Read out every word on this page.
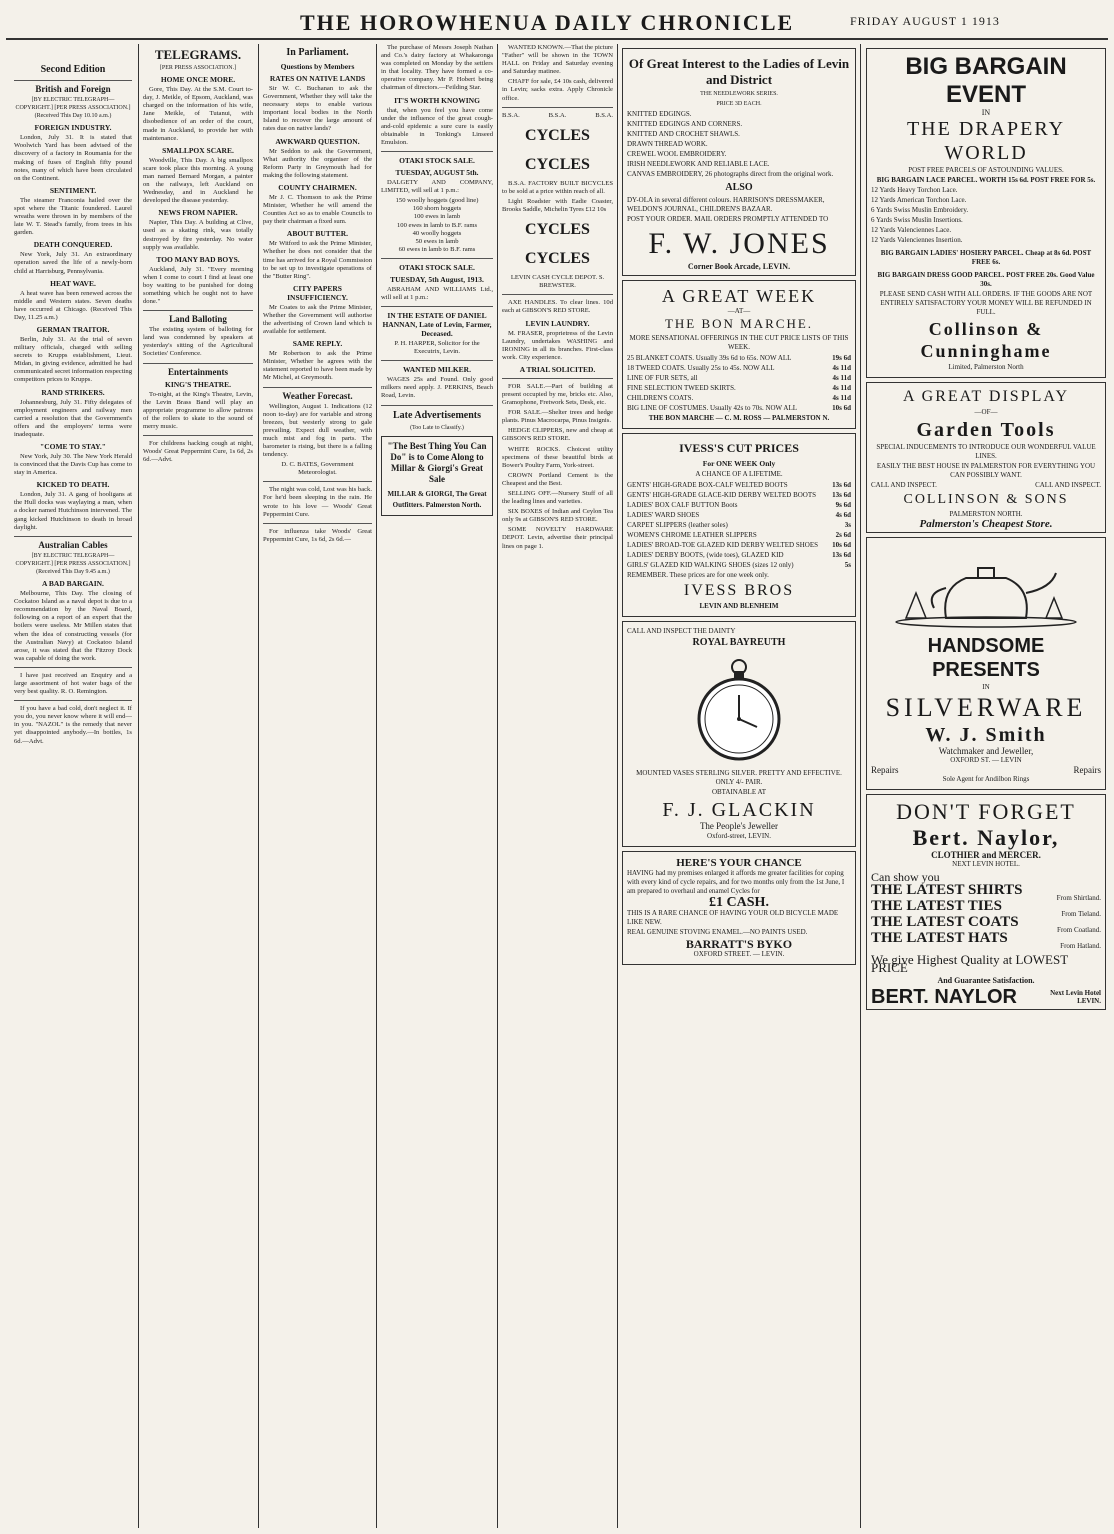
THE HOROWHENUA DAILY CHRONICLE	FRIDAY AUGUST 1 1913
Second Edition
British and Foreign
[BY ELECTRIC TELEGRAPH—COPYRIGHT.] [PER PRESS ASSOCIATION.] (Received This Day 10.10 a.m.)
FOREIGN INDUSTRY.

London, July 31. It is stated that Woolwich Yard has been advised of the discovery of a factory in Roumania for the making of fuses of English fifty pound notes, many of which have been circulated on the Continent.

SENTIMENT.

The steamer Franconia hailed over the spot where the Titanic foundered. Laurel wreaths were thrown in by members of the late W. T. Stead's family, from trees in his garden.

DEATH CONQUERED.

New York, July 31. An extraordinary operation saved the life of a newly-born child at Harrisburg, Pennsylvania.

HEAT WAVE.

A heat wave has been renewed across the middle and Western states. Seven deaths have occurred at Chicago. (Received This Day, 11.25 a.m.)

GERMAN TRAITOR.

Berlin, July 31. At the trial of seven military officials, charged with selling secrets to Krupps establishment, Lieut. Midan, in giving evidence, admitted he had communicated secret information respecting competitors prices to Krupps.

RAND STRIKERS.

Johannesburg, July 31. Fifty delegates of employment engineers and railway men carried a resolution that the Government's offers and the employers' terms were inadequate.

"COME TO STAY."

New York, July 30. The New York Herald is convinced that the Davis Cup has come to stay in America.

KICKED TO DEATH.

London, July 31. A gang of hooligans at the Hull docks was waylaying a man, when a docker named Hutchinson intervened. The gang kicked Hutchinson to death in broad daylight.

Australian Cables
[BY ELECTRIC TELEGRAPH—COPYRIGHT.] [PER PRESS ASSOCIATION.] (Received This Day 9.45 a.m.)
A BAD BARGAIN.

Melbourne, This Day. The closing of Cockatoo Island as a naval depot is due to a recommendation by the Naval Board, following on a report of an expert that the boilers were useless. Mr Millen states that when the idea of constructing vessels (for the Australian Navy) at Cockatoo Island arose, it was stated that the Fitzroy Dock was capable of doing the work.

I have just received an Enquiry and a large assortment of hot water bags of the very best quality. R. O. Remington.

If you have a bad cold, don't neglect it. If you do, you never know where it will end—in you. "NAZOL" is the remedy that never yet disappointed anybody.—In bottles, 1s 6d.—Advt.

TELEGRAMS.
[PER PRESS ASSOCIATION.]
HOME ONCE MORE.

Gore, This Day. At the S.M. Court to-day, J. Meikle, of Epsom, Auckland, was charged on the information of his wife, Jane Meikle, of Tutanui, with disobedience of an order of the court, made in Auckland, to provide her with maintenance.

SMALLPOX SCARE.

Woodville, This Day. A big smallpox scare took place this morning. A young man named Bernard Morgan, a painter on the railways, left Auckland on Wednesday, and in Auckland he developed the disease yesterday.

NEWS FROM NAPIER.

Napier, This Day. A building at Clive, used as a skating rink, was totally destroyed by fire yesterday. No water supply was available.

TOO MANY BAD BOYS.

Auckland, July 31. "Every morning when I come to court I find at least one boy waiting to be punished for doing something which he ought not to have done."

Land Balloting

The existing system of balloting for land was condemned by speakers at yesterday's sitting of the Agricultural Societies' Conference.

Entertainments
KING'S THEATRE.

To-night, at the King's Theatre, Levin, the Levin Brass Band will play an appropriate programme to allow patrons of the rollers to skate to the sound of merry music.

For childrens hacking cough at night, Woods' Great Peppermint Cure, 1s 6d, 2s 6d.—Advt.

In Parliament.
Questions by Members
RATES ON NATIVE LANDS

Sir W. C. Buchanan to ask the Government, Whether they will take the necessary steps to enable various important local bodies in the North Island to recover the large amount of rates due on native lands?

AWKWARD QUESTION.

Mr Seddon to ask the Government, What authority the organiser of the Reform Party in Greymouth had for making the following statement.

COUNTY CHAIRMEN.

Mr J. C. Thomson to ask the Prime Minister, Whether he will amend the Counties Act so as to enable Councils to pay their chairman a fixed sum.

ABOUT BUTTER.

Mr Witford to ask the Prime Minister, Whether he does not consider that the time has arrived for a Royal Commission to be set up to investigate operations of the "Butter Ring".

CITY PAPERS INSUFFICIENCY.

Mr Coates to ask the Prime Minister, Whether the Government will authorise the advertising of Crown land which is available for settlement.

SAME REPLY.

Mr Robertson to ask the Prime Minister, Whether he agrees with the statement reported to have been made by Mr Michel, at Greymouth.

Weather Forecast.

Wellington, August 1. Indications (12 noon to-day) are for variable and strong breezes, but westerly strong to gale prevailing. Expect dull weather, with much mist and fog in parts. The barometer is rising, but there is a falling tendency.

D. C. BATES, Government Meteorologist.

The night was cold, Lost was his back. For he'd been sleeping in the rain. He wrote to his love — Woods' Great Peppermint Cure.

For influenza take Woods' Great Peppermint Cure, 1s 6d, 2s 6d.—

The purchase of Messrs Joseph Nathan and Co.'s dairy factory at Whakaronga was completed on Monday by the settlers in that locality. They have formed a co-operative company. Mr P. Hobert being chairman of directors.—Feilding Star.

IT'S WORTH KNOWING

that, when you feel you have come under the influence of the great cough-and-cold epidemic a sure cure is easily obtainable in Tonking's Linseed Emulsion.

OTAKI STOCK SALE.
TUESDAY, AUGUST 5th.

DALGETY AND COMPANY, LIMITED, will sell at 1 p.m.:

150 woolly hoggets (good line)
160 shorn hoggets
100 ewes in lamb
100 ewes in lamb to B.F. rams
40 woolly hoggets
50 ewes in lamb
60 ewes in lamb to B.F. rams
OTAKI STOCK SALE.
TUESDAY, 5th August, 1913.

ABRAHAM AND WILLIAMS Ltd., will sell at 1 p.m.:

IN THE ESTATE OF DANIEL HANNAN, Late of Levin, Farmer, Deceased.
P. H. HARPER, Solicitor for the Executrix, Levin.
WANTED MILKER.

WAGES 25s and Found. Only good milkers need apply. J. PERKINS, Beach Road, Levin.

Late Advertisements
(Too Late to Classify.)
"The Best Thing You Can Do" is to Come Along to Millar & Giorgi's Great Sale
MILLAR & GIORGI, The Great Outfitters. Palmerston North.

WANTED KNOWN.—That the picture "Father" will be shown in the TOWN HALL on Friday and Saturday evening and Saturday matinee.

CHAFF for sale, £4 10s cash, delivered in Levin; sacks extra. Apply Chronicle office.

B.S.A.	B.S.A.	B.S.A.
CYCLES
CYCLES

B.S.A. FACTORY BUILT BICYCLES to be sold at a price within reach of all.

Light Roadster with Eadie Coaster, Brooks Saddle, Michelin Tyres £12 10s

CYCLES
CYCLES
LEVIN CASH CYCLE DEPOT. S. BREWSTER.

AXE HANDLES. To clear lines. 10d each at GIBSON'S RED STORE.

LEVIN LAUNDRY.

M. FRASER, proprietress of the Levin Laundry, undertakes WASHING and IRONING in all its branches. First-class work. City experience.

A TRIAL SOLICITED.

FOR SALE.—Part of building at present occupied by me, bricks etc. Also, Gramophone, Fretwork Sets, Desk, etc.

FOR SALE.—Shelter trees and hedge plants. Pinus Macrocarpa, Pinus Insignis.

HEDGE CLIPPERS, new and cheap at GIBSON'S RED STORE.

WHITE ROCKS. Choicest utility specimens of these beautiful birds at Bower's Poultry Farm, York-street.

CROWN Portland Cement is the Cheapest and the Best.

SELLING OFF.—Nursery Stuff of all the leading lines and varieties.

SIX BOXES of Indian and Ceylon Tea only 9s at GIBSON'S RED STORE.

SOME NOVELTY HARDWARE DEPOT. Levin, advertise their principal lines on page 1.

Of Great Interest to the Ladies of Levin and District
THE NEEDLEWORK SERIES.
PRICE 3D EACH.
KNITTED EDGINGS.
KNITTED EDGINGS AND CORNERS.
KNITTED AND CROCHET SHAWLS.
DRAWN THREAD WORK.
CREWEL WOOL EMBROIDERY.
IRISH NEEDLEWORK AND RELIABLE LACE.
CANVAS EMBROIDERY, 26 photographs direct from the original work.
ALSO
DY-OLA in several different colours. HARRISON'S DRESSMAKER, WELDON'S JOURNAL, CHILDREN'S BAZAAR.
POST YOUR ORDER. MAIL ORDERS PROMPTLY ATTENDED TO
F. W. JONES
Corner Book Arcade, LEVIN.
A GREAT WEEK
—AT—
THE BON MARCHE.
MORE SENSATIONAL OFFERINGS IN THE CUT PRICE LISTS OF THIS WEEK.
25 BLANKET COATS. Usually 39s 6d to 65s. NOW ALL	19s 6d
18 TWEED COATS. Usually 25s to 45s. NOW ALL	4s 11d
LINE OF FUR SETS, all	4s 11d
FINE SELECTION TWEED SKIRTS.	4s 11d
CHILDREN'S COATS.	4s 11d
BIG LINE OF COSTUMES. Usually 42s to 70s. NOW ALL	10s 6d
THE BON MARCHE — C. M. ROSS — PALMERSTON N.
IVESS'S CUT PRICES
For ONE WEEK Only
A CHANCE OF A LIFETIME.
GENTS' HIGH-GRADE BOX-CALF WELTED BOOTS	13s 6d
GENTS' HIGH-GRADE GLACE-KID DERBY WELTED BOOTS 13s 6d
LADIES' BOX CALF BUTTON Boots	9s 6d
LADIES' WARD SHOES	4s 6d
CARPET SLIPPERS (leather soles)	3s
WOMEN'S CHROME LEATHER SLIPPERS	2s 6d
LADIES' BROAD-TOE GLAZED KID DERBY WELTED SHOES 10s 6d
LADIES' DERBY BOOTS, (wide toes), GLAZED KID	13s 6d
GIRLS' GLAZED KID WALKING SHOES (sizes 12 only)	5s
REMEMBER. These prices are for one week only.
IVESS BROS
LEVIN AND BLENHEIM
CALL AND INSPECT THE DAINTY
ROYAL BAYREUTH
MOUNTED VASES STERLING SILVER. PRETTY AND EFFECTIVE. ONLY 4/- PAIR.
OBTAINABLE AT
F. J. GLACKIN
The People's Jeweller
Oxford-street, LEVIN.
HERE'S YOUR CHANCE
HAVING had my premises enlarged it affords me greater facilities for coping with every kind of cycle repairs, and for two months only from the 1st June, I am prepared to overhaul and enamel Cycles for
£1 CASH.
THIS IS A RARE CHANCE OF HAVING YOUR OLD BICYCLE MADE LIKE NEW.
REAL GENUINE STOVING ENAMEL.—NO PAINTS USED.
BARRATT'S BYKO
OXFORD STREET. — LEVIN.
BIG BARGAIN EVENT
IN
THE DRAPERY WORLD
POST FREE PARCELS OF ASTOUNDING VALUES.
BIG BARGAIN LACE PARCEL. WORTH 15s 6d. POST FREE FOR 5s.
12 Yards Heavy Torchon Lace.
12 Yards American Torchon Lace.
6 Yards Swiss Muslin Embroidery.
6 Yards Swiss Muslin Insertions.
12 Yards Valenciennes Lace.
12 Yards Valenciennes Insertion.
BIG BARGAIN LADIES' HOSIERY PARCEL. Cheap at 8s 6d. POST FREE 6s.
BIG BARGAIN DRESS GOOD PARCEL. POST FREE 20s. Good Value 30s.
PLEASE SEND CASH WITH ALL ORDERS. IF THE GOODS ARE NOT ENTIRELY SATISFACTORY YOUR MONEY WILL BE REFUNDED IN FULL.
Collinson & Cunninghame
Limited, Palmerston North
A GREAT DISPLAY
—OF—
Garden Tools
SPECIAL INDUCEMENTS TO INTRODUCE OUR WONDERFUL VALUE LINES.
EASILY THE BEST HOUSE IN PALMERSTON FOR EVERYTHING YOU CAN POSSIBLY WANT.
CALL AND INSPECT.	CALL AND INSPECT.
COLLINSON & SONS
PALMERSTON NORTH.
Palmerston's Cheapest Store.
HANDSOME PRESENTS
IN
SILVERWARE
W. J. Smith
Watchmaker and Jeweller,
OXFORD ST. — LEVIN
Repairs	Repairs
Sole Agent for Andilbon Rings
DON'T FORGET
Bert. Naylor,
CLOTHIER and MERCER.
NEXT LEVIN HOTEL.
Can show you
THE LATEST SHIRTS
From Shirtland.
THE LATEST TIES
From Tieland.
THE LATEST COATS
From Coatland.
THE LATEST HATS
From Hatland.
We give Highest Quality at LOWEST PRICE
And Guarantee Satisfaction.
BERT. NAYLOR	Next Levin Hotel LEVIN.
